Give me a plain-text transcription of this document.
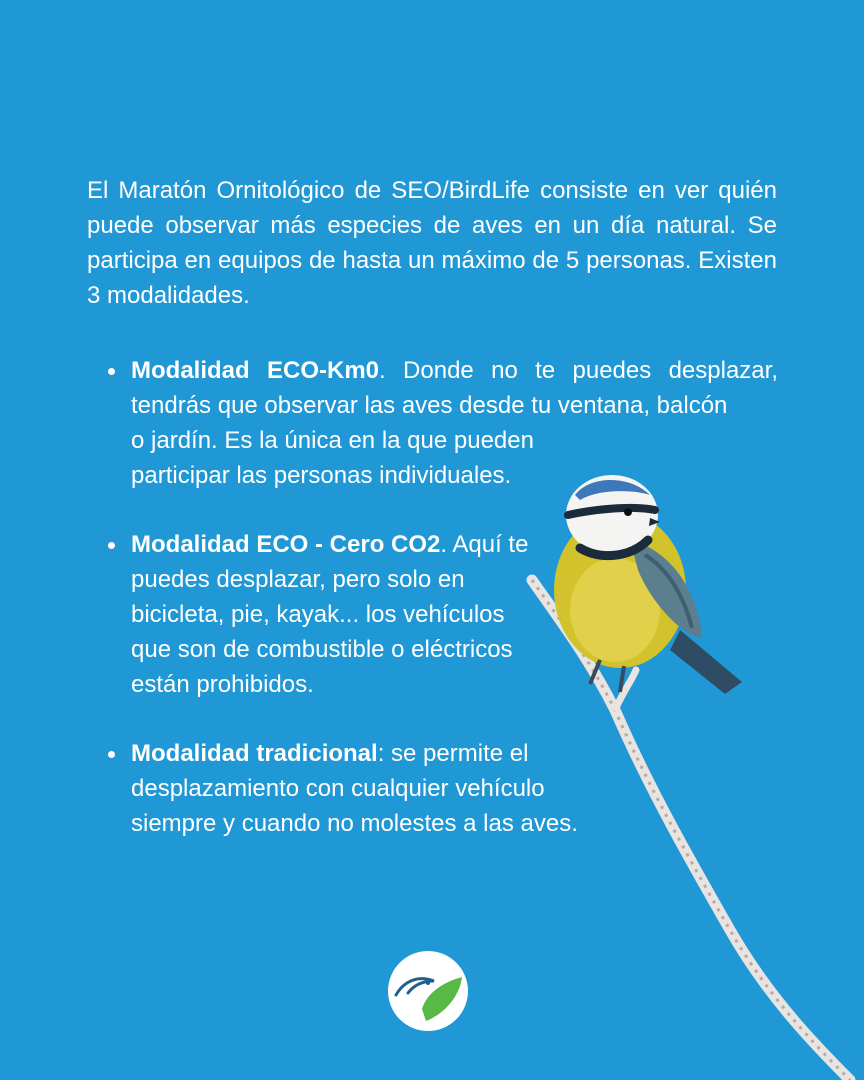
El Maratón Ornitológico de SEO/BirdLife consiste en ver quién puede observar más especies de aves en un día natural. Se participa en equipos de hasta un máximo de 5 personas. Existen 3 modalidades.

Modalidad ECO-Km0. Donde no te puedes desplazar, tendrás que observar las aves desde tu ventana, balcón
o jardín. Es la única en la que pueden
participar las personas individuales.
Modalidad ECO - Cero CO2. Aquí te
puedes desplazar, pero solo en
bicicleta, pie, kayak... los vehículos
que son de combustible o eléctricos
están prohibidos.
Modalidad tradicional: se permite el
desplazamiento con cualquier vehículo
siempre y cuando no molestes a las aves.
